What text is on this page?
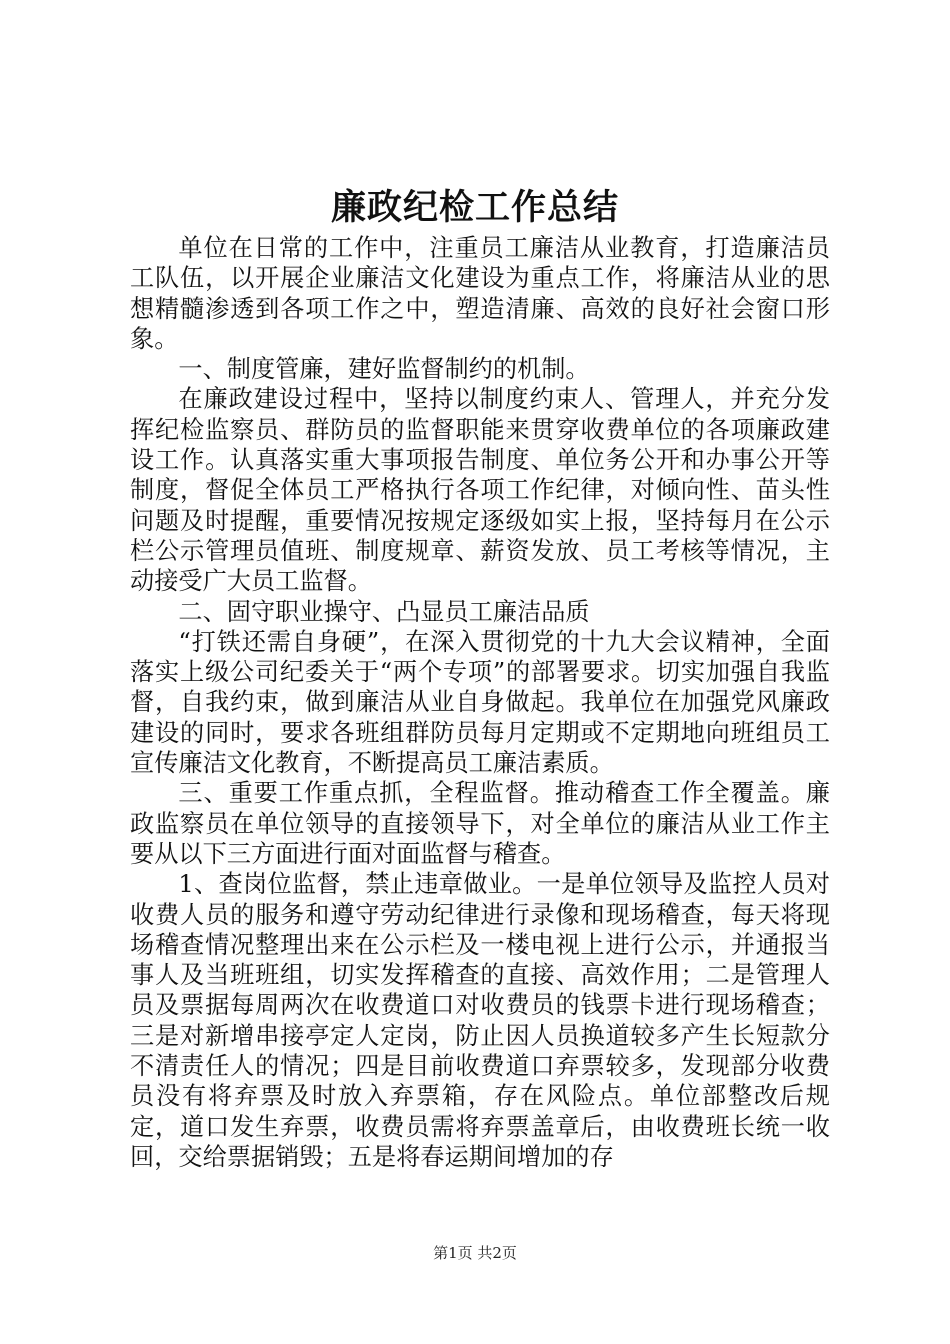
廉政纪检工作总结

单位在日常的工作中，注重员工廉洁从业教育，打造廉洁员工队伍，以开展企业廉洁文化建设为重点工作，将廉洁从业的思想精髓渗透到各项工作之中，塑造清廉、高效的良好社会窗口形象。

一、制度管廉，建好监督制约的机制。

在廉政建设过程中，坚持以制度约束人、管理人，并充分发挥纪检监察员、群防员的监督职能来贯穿收费单位的各项廉政建设工作。认真落实重大事项报告制度、单位务公开和办事公开等制度，督促全体员工严格执行各项工作纪律，对倾向性、苗头性问题及时提醒，重要情况按规定逐级如实上报，坚持每月在公示栏公示管理员值班、制度规章、薪资发放、员工考核等情况，主动接受广大员工监督。

二、固守职业操守、凸显员工廉洁品质

“打铁还需自身硬”，在深入贯彻党的十九大会议精神，全面落实上级公司纪委关于“两个专项”的部署要求。切实加强自我监督，自我约束，做到廉洁从业自身做起。我单位在加强党风廉政建设的同时，要求各班组群防员每月定期或不定期地向班组员工宣传廉洁文化教育，不断提高员工廉洁素质。

三、重要工作重点抓，全程监督。推动稽查工作全覆盖。廉政监察员在单位领导的直接领导下，对全单位的廉洁从业工作主要从以下三方面进行面对面监督与稽查。

1、查岗位监督，禁止违章做业。一是单位领导及监控人员对收费人员的服务和遵守劳动纪律进行录像和现场稽查，每天将现场稽查情况整理出来在公示栏及一楼电视上进行公示，并通报当事人及当班班组，切实发挥稽查的直接、高效作用；二是管理人员及票据每周两次在收费道口对收费员的钱票卡进行现场稽查；三是对新增串接亭定人定岗，防止因人员换道较多产生长短款分不清责任人的情况；四是目前收费道口弃票较多，发现部分收费员没有将弃票及时放入弃票箱，存在风险点。单位部整改后规定，道口发生弃票，收费员需将弃票盖章后，由收费班长统一收回，交给票据销毁；五是将春运期间增加的存

第1页 共2页
